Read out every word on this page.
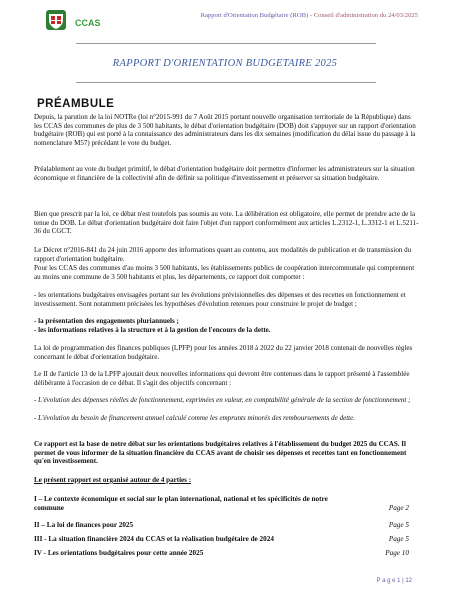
CCAS
Rapport d'Orientation Budgétaire (ROB) - Conseil d'administration du 24/03/2025
RAPPORT D'ORIENTATION BUDGETAIRE 2025
PRÉAMBULE

Depuis, la parution de la loi NOTRe (loi n°2015-991 du 7 Août 2015 portant nouvelle organisation territoriale de la République) dans les CCAS des communes de plus de 3 500 habitants, le débat d'orientation budgétaire (DOB) doit s'appuyer sur un rapport d'orientation budgétaire (ROB) qui est porté à la connaissance des administrateurs dans les dix semaines (modification du délai issue du passage à la nomenclature M57) précédant le vote du budget.

Préalablement au vote du budget primitif, le débat d'orientation budgétaire doit permettre d'informer les administrateurs sur la situation économique et financière de la collectivité afin de définir sa politique d'investissement et préserver sa situation budgétaire.

Bien que prescrit par la loi, ce débat n'est toutefois pas soumis au vote. La délibération est obligatoire, elle permet de prendre acte de la tenue du DOB. Le débat d'orientation budgétaire doit faire l'objet d'un rapport conformément aux articles L.2312-1, L.3312-1 et L.5211-36 du CGCT.

Le Décret n°2016-841 du 24 juin 2016 apporte des informations quant au contenu, aux modalités de publication et de transmission du rapport d'orientation budgétaire.

Pour les CCAS des communes d'au moins 3 500 habitants, les établissements publics de coopération intercommunale qui comprennent au moins une commune de 3 500 habitants et plus, les départements, ce rapport doit comporter :

- les orientations budgétaires envisagées portant sur les évolutions prévisionnelles des dépenses et des recettes en fonctionnement et investissement. Sont notamment précisées les hypothèses d'évolution retenues pour construire le projet de budget ;

- la présentation des engagements pluriannuels ;

- les informations relatives à la structure et à la gestion de l'encours de la dette.

La loi de programmation des finances publiques (LPFP) pour les années 2018 à 2022 du 22 janvier 2018 contenait de nouvelles règles concernant le débat d'orientation budgétaire.

Le II de l'article 13 de la LPFP ajoutait deux nouvelles informations qui devront être contenues dans le rapport présenté à l'assemblée délibérante à l'occasion de ce débat. Il s'agit des objectifs concernant :

- L'évolution des dépenses réelles de fonctionnement, exprimées en valeur, en comptabilité générale de la section de fonctionnement ;

- L'évolution du besoin de financement annuel calculé comme les emprunts minorés des remboursements de dette.

Ce rapport est la base de notre débat sur les orientations budgétaires relatives à l'établissement du budget 2025 du CCAS. Il permet de vous informer de la situation financière du CCAS avant de choisir ses dépenses et recettes tant en fonctionnement qu'en investissement.

Le présent rapport est organisé autour de 4 parties :

I – Le contexte économique et social sur le plan international, national et les spécificités de notre commune	Page 2
II – La loi de finances pour 2025	Page 5
III - La situation financière 2024 du CCAS et la réalisation budgétaire de 2024	Page 5
IV - Les orientations budgétaires pour cette année 2025	Page 10
P a g e 1 | 12
